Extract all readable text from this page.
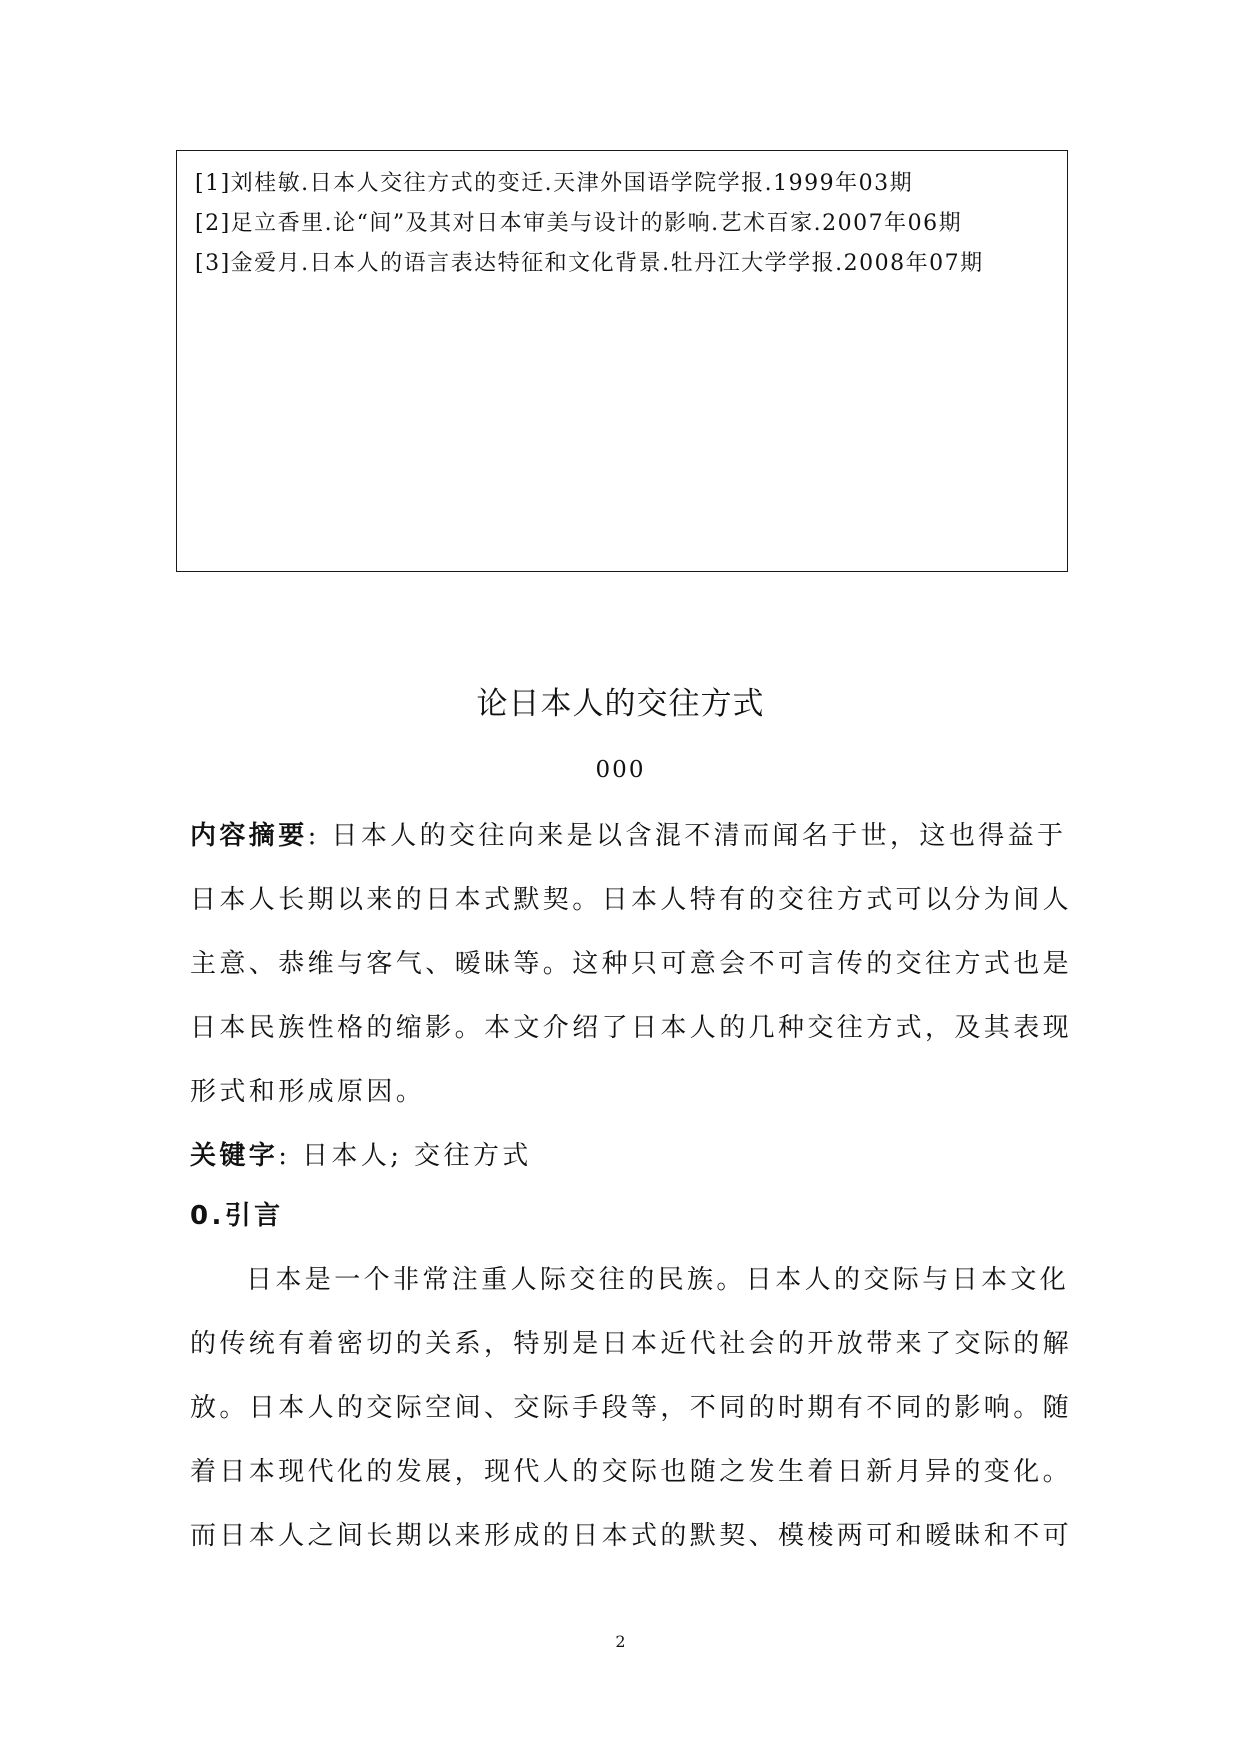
[1]刘桂敏.日本人交往方式的变迁.天津外国语学院学报.1999年03期
[2]足立香里.论“间”及其对日本审美与设计的影响.艺术百家.2007年06期
[3]金爱月.日本人的语言表达特征和文化背景.牡丹江大学学报.2008年07期
论日本人的交往方式
000
内容摘要: 日本人的交往向来是以含混不清而闻名于世，这也得益于
日本人长期以来的日本式默契。日本人特有的交往方式可以分为间人
主意、恭维与客气、暧昧等。这种只可意会不可言传的交往方式也是
日本民族性格的缩影。本文介绍了日本人的几种交往方式，及其表现
形式和形成原因。
关键字: 日本人; 交往方式
0.引言
日本是一个非常注重人际交往的民族。日本人的交际与日本文化
的传统有着密切的关系，特别是日本近代社会的开放带来了交际的解
放。日本人的交际空间、交际手段等，不同的时期有不同的影响。随
着日本现代化的发展，现代人的交际也随之发生着日新月异的变化。
而日本人之间长期以来形成的日本式的默契、模棱两可和暧昧和不可
2
